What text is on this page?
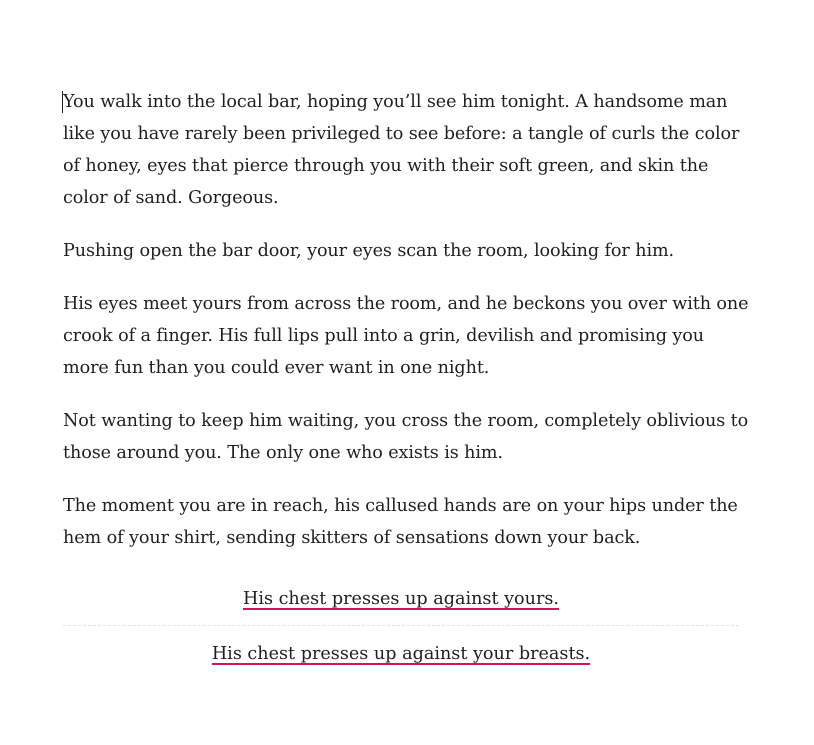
You walk into the local bar, hoping you’ll see him tonight. A handsome man like you have rarely been privileged to see before: a tangle of curls the color of honey, eyes that pierce through you with their soft green, and skin the color of sand. Gorgeous.

Pushing open the bar door, your eyes scan the room, looking for him.

His eyes meet yours from across the room, and he beckons you over with one crook of a finger. His full lips pull into a grin, devilish and promising you more fun than you could ever want in one night.

Not wanting to keep him waiting, you cross the room, completely oblivious to those around you. The only one who exists is him.

The moment you are in reach, his callused hands are on your hips under the hem of your shirt, sending skitters of sensations down your back.

His chest presses up against yours.
His chest presses up against your breasts.
